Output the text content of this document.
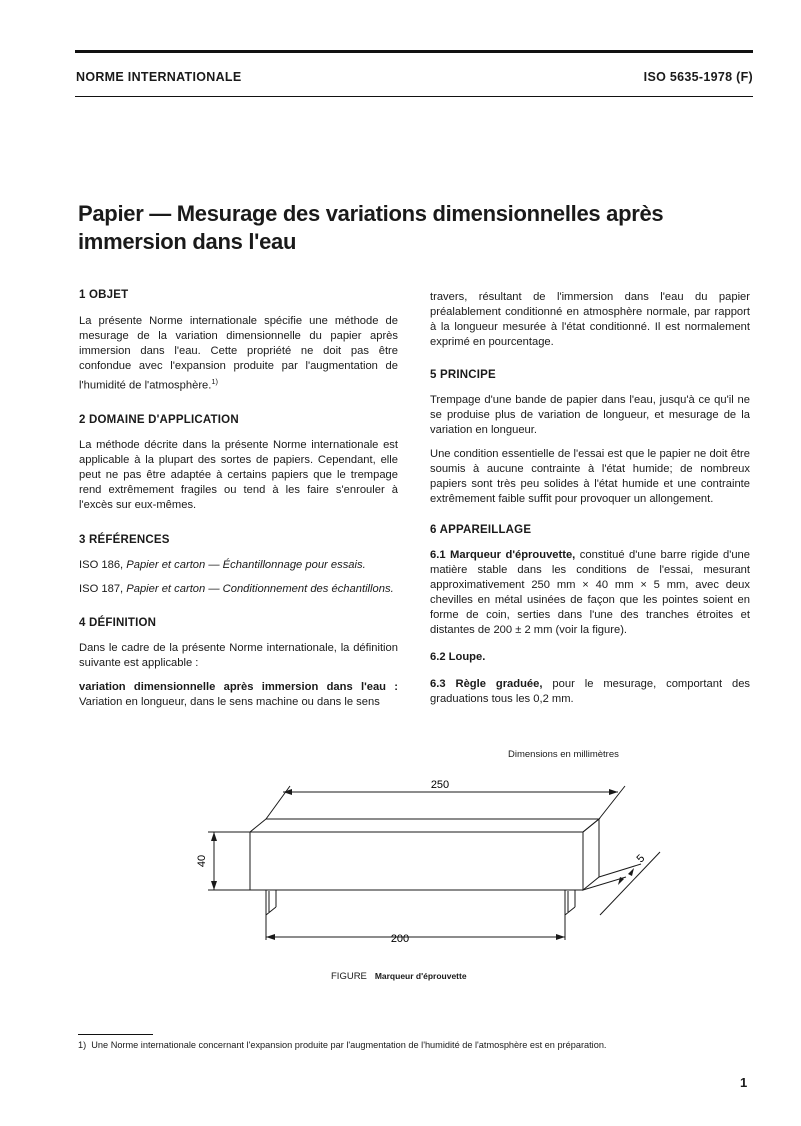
NORME INTERNATIONALE	ISO 5635-1978 (F)
Papier — Mesurage des variations dimensionnelles après
immersion dans l'eau

1 OBJET

La présente Norme internationale spécifie une méthode de mesurage de la variation dimensionnelle du papier après immersion dans l'eau. Cette propriété ne doit pas être confondue avec l'expansion produite par l'augmentation de l'humidité de l'atmosphère.$^{1)}$

2 DOMAINE D'APPLICATION

La méthode décrite dans la présente Norme internationale est applicable à la plupart des sortes de papiers. Cependant, elle peut ne pas être adaptée à certains papiers que le trempage rend extrêmement fragiles ou tend à les faire s'enrouler à l'excès sur eux-mêmes.

3 RÉFÉRENCES

ISO 186, Papier et carton — Échantillonnage pour essais.

ISO 187, Papier et carton — Conditionnement des échantillons.

4 DÉFINITION

Dans le cadre de la présente Norme internationale, la définition suivante est applicable :

variation dimensionnelle après immersion dans l'eau : Variation en longueur, dans le sens machine ou dans le sens

travers, résultant de l'immersion dans l'eau du papier préalablement conditionné en atmosphère normale, par rapport à la longueur mesurée à l'état conditionné. Il est normalement exprimé en pourcentage.

5 PRINCIPE

Trempage d'une bande de papier dans l'eau, jusqu'à ce qu'il ne se produise plus de variation de longueur, et mesurage de la variation en longueur.

Une condition essentielle de l'essai est que le papier ne doit être soumis à aucune contrainte à l'état humide; de nombreux papiers sont très peu solides à l'état humide et une contrainte extrêmement faible suffit pour provoquer un allongement.

6 APPAREILLAGE

6.1 Marqueur d'éprouvette, constitué d'une barre rigide d'une matière stable dans les conditions de l'essai, mesurant approximativement 250 mm × 40 mm × 5 mm, avec deux chevilles en métal usinées de façon que les pointes soient en forme de coin, serties dans l'une des tranches étroites et distantes de 200 ± 2 mm (voir la figure).

6.2 Loupe.

6.3 Règle graduée, pour le mesurage, comportant des graduations tous les 0,2 mm.

Dimensions en millimètres
250
40	5
200
FIGURE Marqueur d'éprouvette
1) Une Norme internationale concernant l'expansion produite par l'augmentation de l'humidité de l'atmosphère est en préparation.
1
